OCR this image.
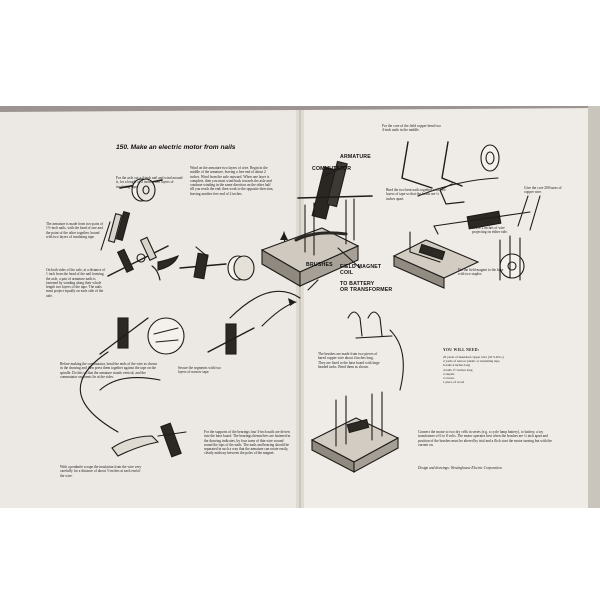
150. Make an electric motor from nails
COMMUTATOR
ARMATURE
BRUSHES FIELD MAGNET
COIL
TO BATTERY
OR TRANSFORMER
For the axle cut a 4-inch nail and wind around it, for a length of 2 inches, two layers of insulating tape.
The armature is made from two pairs of 1½-inch nails, with the head of one and the point of the other together, bound with two layers of insulating tape.
On both sides of the axle, at a distance of 1 inch from the head of the nail forming the axle, a pair of armature nails is fastened by winding along their whole length two layers of the tape. The nails must project equally on each side of the axle.
Wind on the armature two layers of wire. Begin in the middle of the armature, leaving a free end of about 2 inches. Wind from the axle outward. When one layer is complete, then you must wind back towards the axle and continue winding in the same direction on the other half till you reach the end; then work to the opposite direction, leaving another free end of 2 inches.
Before making the commutator, bend the ends of the wire as shown in the drawing and then press them together against the tape on the spindle. Do this so that the armature stands vertical, and the commutator segments lie at the sides.
Secure the segments with two layers of narrow tape.
With a penknife scrape the insulation from the wire very carefully for a distance of about ½ inches at each end of the wire.
For the supports of the bearings four 3-inch nails are driven into the base board. The bearings themselves are fastened in the drawing indicates, by four turns of thin wire wound round the tops of the nails. The nails and bearing should be separated in such a way that the armature can rotate easily, clearly midway between the poles of the magnet.
The brushes are made from two pieces of bared copper wire about 4 inches long. They are fixed to the base board with large headed tacks. Bend them as shown.
For the core of the field copper bend two 4-inch nails in the middle.
Bind the two bent nails together with two layers of tape so that the heads are ¼ inches apart.
Give the core 200 turns of copper wire.
Leave 2 inches of wire projecting on either side.
Fix the field magnet to the base with two staples.
Connect the motor to two dry cells in series (e.g. a cycle lamp battery), to battery, a toy transformer of 6 to 8 volts. The motor operates best when the brushes are ¼ inch apart and position of the brushes must be altered by trial and a flick start the motor turning but with the current on.
Design and drawings: Westinghouse Electric Corporation
YOU WILL NEED:
20 yards of insulated copper wire (32 S.W.G.)
2 yards of narrow plastic or insulating tape
6 nails 4 inches long
4 nails 1½ inches long
2 staples
2 screws
1 piece of wood
